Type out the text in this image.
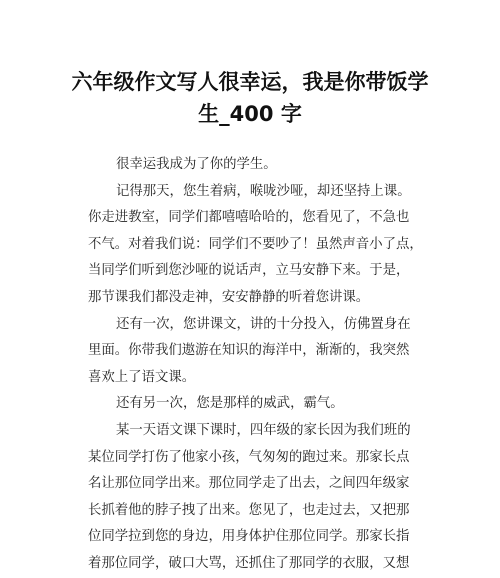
六年级作文写人很幸运，我是你带饭学
生_400 字
很幸运我成为了你的学生。
记得那天，您生着病，喉咙沙哑，却还坚持上课。
你走进教室，同学们都嘻嘻哈哈的，您看见了，不急也
不气。对着我们说：同学们不要吵了！虽然声音小了点，
当同学们听到您沙哑的说话声，立马安静下来。于是，
那节课我们都没走神，安安静静的听着您讲课。
还有一次，您讲课文，讲的十分投入，仿佛置身在
里面。你带我们遨游在知识的海洋中，渐渐的，我突然
喜欢上了语文课。
还有另一次，您是那样的威武，霸气。
某一天语文课下课时，四年级的家长因为我们班的
某位同学打伤了他家小孩，气匆匆的跑过来。那家长点
名让那位同学出来。那位同学走了出去，之间四年级家
长抓着他的脖子拽了出来。您见了，也走过去，又把那
位同学拉到您的身边，用身体护住那位同学。那家长指
着那位同学，破口大骂，还抓住了那同学的衣服，又想
